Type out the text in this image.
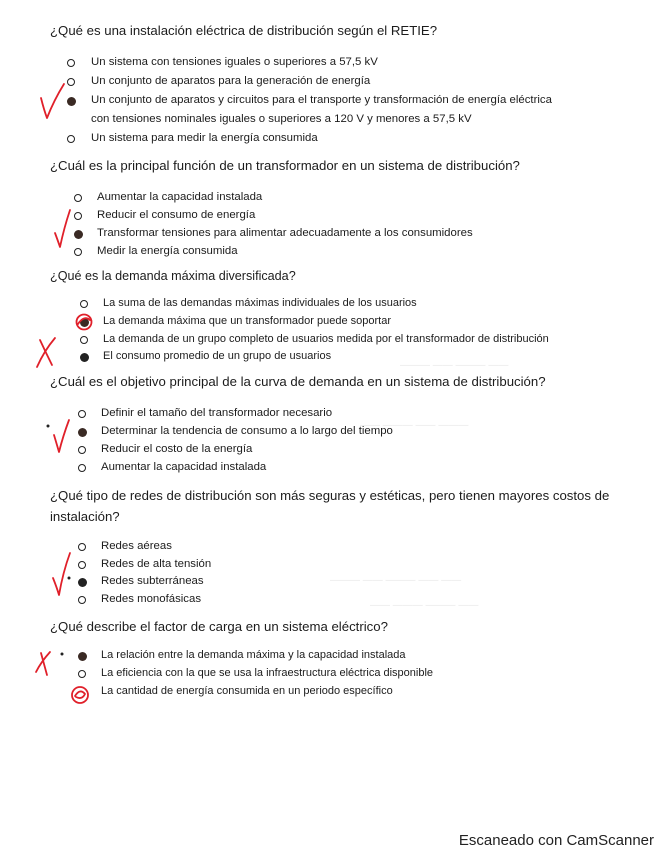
¿Qué es una instalación eléctrica de distribución según el RETIE?
Un sistema con tensiones iguales o superiores a 57,5 kV
Un conjunto de aparatos para la generación de energía
Un conjunto de aparatos y circuitos para el transporte y transformación de energía eléctrica
con tensiones nominales iguales o superiores a 120 V y menores a 57,5 kV
Un sistema para medir la energía consumida
¿Cuál es la principal función de un transformador en un sistema de distribución?
Aumentar la capacidad instalada
Reducir el consumo de energía
Transformar tensiones para alimentar adecuadamente a los consumidores
Medir la energía consumida
¿Qué es la demanda máxima diversificada?
La suma de las demandas máximas individuales de los usuarios
La demanda máxima que un transformador puede soportar
La demanda de un grupo completo de usuarios medida por el transformador de distribución
El consumo promedio de un grupo de usuarios
¿Cuál es el objetivo principal de la curva de demanda en un sistema de distribución?
Definir el tamaño del transformador necesario
Determinar la tendencia de consumo a lo largo del tiempo
Reducir el costo de la energía
Aumentar la capacidad instalada
¿Qué tipo de redes de distribución son más seguras y estéticas, pero tienen mayores costos de instalación?
Redes aéreas
Redes de alta tensión
Redes subterráneas
Redes monofásicas
¿Qué describe el factor de carga en un sistema eléctrico?
La relación entre la demanda máxima y la capacidad instalada
La eficiencia con la que se usa la infraestructura eléctrica disponible
La cantidad de energía consumida en un periodo específico
——— —— ——— ——
—— ——— —— ———
——— —— ——— —— ——
—— ——— ——— ——
Escaneado con CamScanner
